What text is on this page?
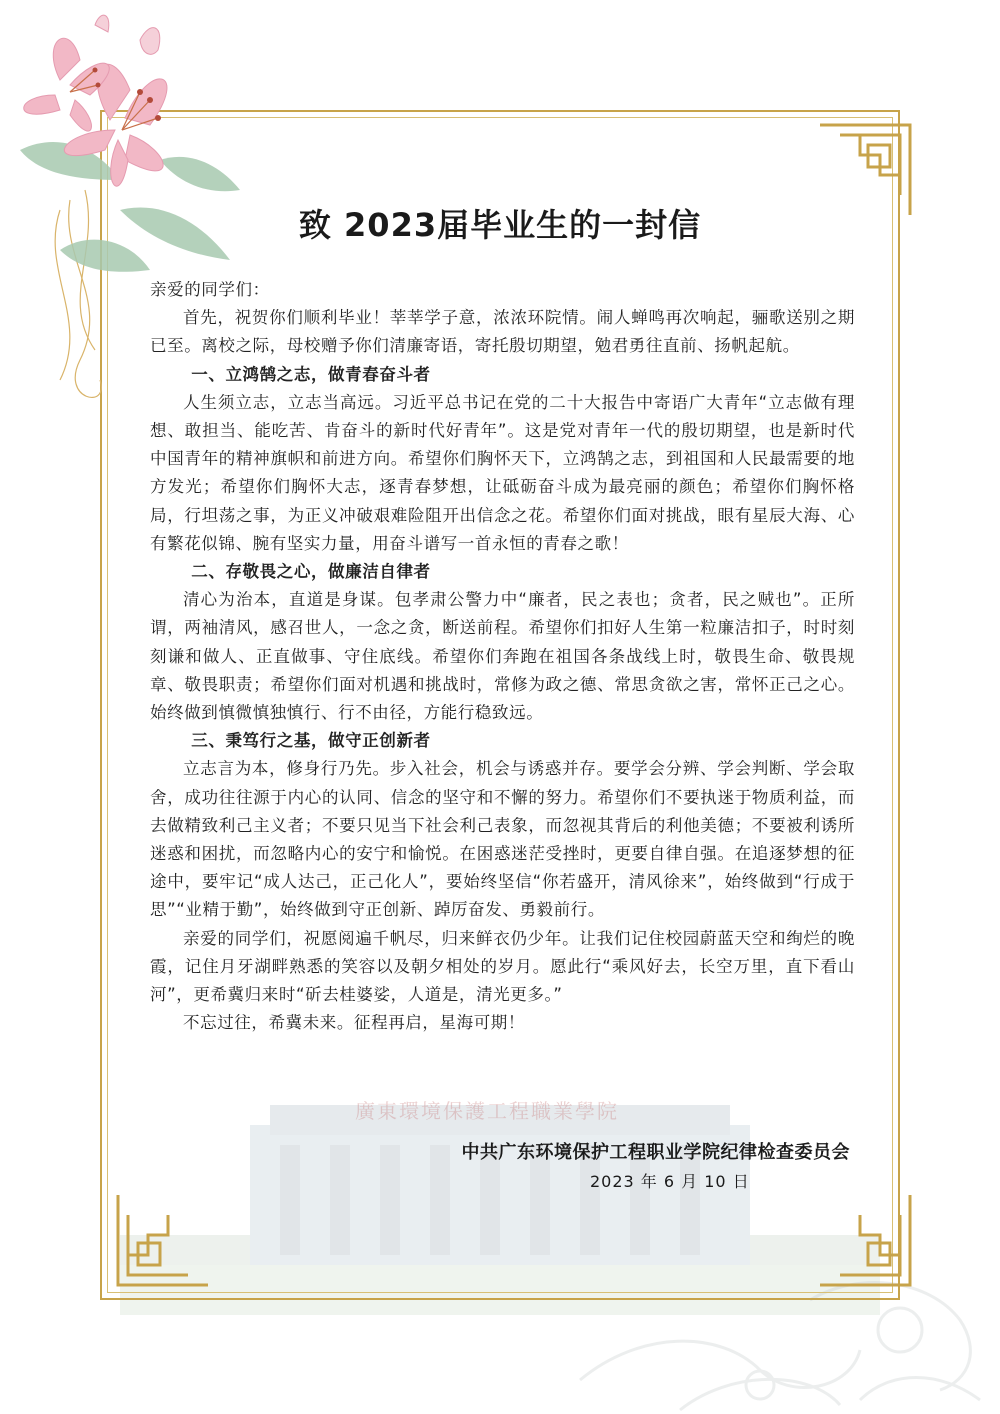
廣東環境保護工程職業學院
致 2023届毕业生的一封信

亲爱的同学们：

首先，祝贺你们顺利毕业！莘莘学子意，浓浓环院情。闹人蝉鸣再次响起，骊歌送别之期已至。离校之际，母校赠予你们清廉寄语，寄托殷切期望，勉君勇往直前、扬帆起航。

一、立鸿鹄之志，做青春奋斗者

人生须立志，立志当高远。习近平总书记在党的二十大报告中寄语广大青年“立志做有理想、敢担当、能吃苦、肯奋斗的新时代好青年”。这是党对青年一代的殷切期望，也是新时代中国青年的精神旗帜和前进方向。希望你们胸怀天下，立鸿鹄之志，到祖国和人民最需要的地方发光；希望你们胸怀大志，逐青春梦想，让砥砺奋斗成为最亮丽的颜色；希望你们胸怀格局，行坦荡之事，为正义冲破艰难险阻开出信念之花。希望你们面对挑战，眼有星辰大海、心有繁花似锦、腕有坚实力量，用奋斗谱写一首永恒的青春之歌！

二、存敬畏之心，做廉洁自律者

清心为治本，直道是身谋。包孝肃公警力中“廉者，民之表也；贪者，民之贼也”。正所谓，两袖清风，感召世人，一念之贪，断送前程。希望你们扣好人生第一粒廉洁扣子，时时刻刻谦和做人、正直做事、守住底线。希望你们奔跑在祖国各条战线上时，敬畏生命、敬畏规章、敬畏职责；希望你们面对机遇和挑战时，常修为政之德、常思贪欲之害，常怀正己之心。始终做到慎微慎独慎行、行不由径，方能行稳致远。

三、秉笃行之基，做守正创新者

立志言为本，修身行乃先。步入社会，机会与诱惑并存。要学会分辨、学会判断、学会取舍，成功往往源于内心的认同、信念的坚守和不懈的努力。希望你们不要执迷于物质利益，而去做精致利己主义者；不要只见当下社会利己表象，而忽视其背后的利他美德；不要被利诱所迷惑和困扰，而忽略内心的安宁和愉悦。在困惑迷茫受挫时，更要自律自强。在追逐梦想的征途中，要牢记“成人达己，正己化人”，要始终坚信“你若盛开，清风徐来”，始终做到“行成于思”“业精于勤”，始终做到守正创新、踔厉奋发、勇毅前行。

亲爱的同学们，祝愿阅遍千帆尽，归来鲜衣仍少年。让我们记住校园蔚蓝天空和绚烂的晚霞，记住月牙湖畔熟悉的笑容以及朝夕相处的岁月。愿此行“乘风好去，长空万里，直下看山河”，更希冀归来时“斫去桂婆娑，人道是，清光更多。”

不忘过往，希冀未来。征程再启，星海可期！

中共广东环境保护工程职业学院纪律检查委员会
2023 年 6 月 10 日
